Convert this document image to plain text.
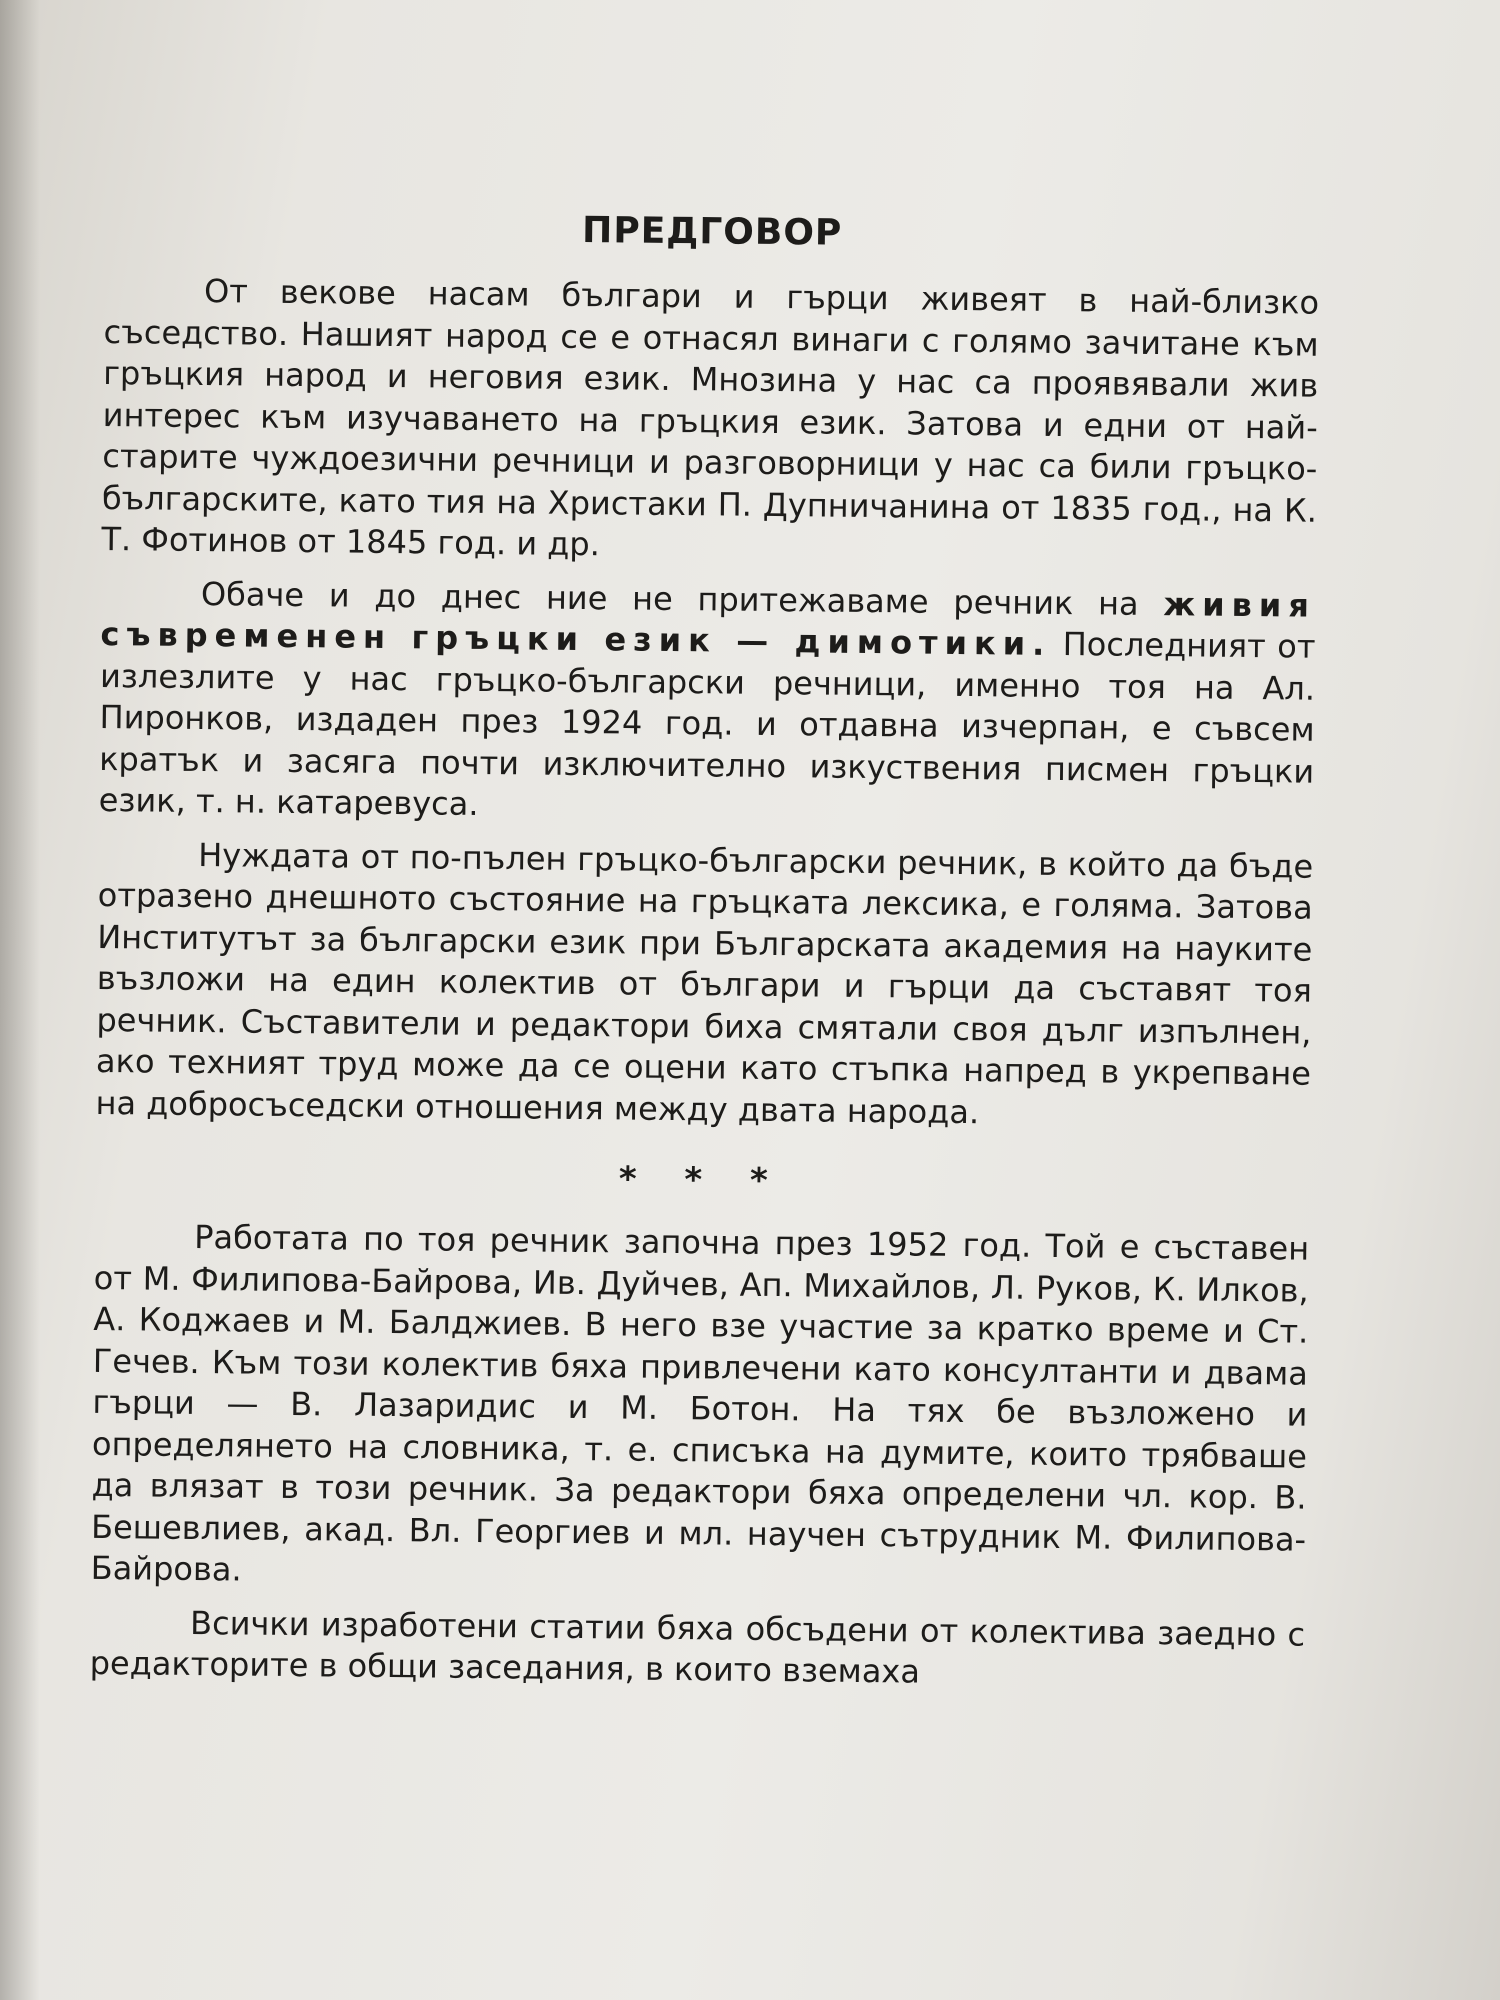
ПРЕДГОВОР

От векове насам българи и гърци живеят в най-близко съседство. Нашият народ се е отнасял винаги с голямо зачитане към гръцкия народ и неговия език. Мнозина у нас са проявявали жив интерес към изучаването на гръцкия език. Затова и едни от най-старите чуждоезични речници и разговорници у нас са били гръцко-българските, като тия на Христаки П. Дупничанина от 1835 год., на К. Т. Фотинов от 1845 год. и др.

Обаче и до днес ние не притежаваме речник на живия съвременен гръцки език — димотики. Последният от излезлите у нас гръцко-български речници, именно тоя на Ал. Пиронков, издаден през 1924 год. и отдавна изчерпан, е съвсем кратък и засяга почти изключително изкуствения писмен гръцки език, т. н. катаревуса.

Нуждата от по-пълен гръцко-български речник, в който да бъде отразено днешното състояние на гръцката лексика, е голяма. Затова Институтът за български език при Българската академия на науките възложи на един колектив от българи и гърци да съставят тоя речник. Съставители и редактори биха смятали своя дълг изпълнен, ако техният труд може да се оцени като стъпка напред в укрепване на добросъседски отношения между двата народа.

* * *

Работата по тоя речник започна през 1952 год. Той е съставен от М. Филипова-Байрова, Ив. Дуйчев, Ап. Михайлов, Л. Руков, К. Илков, А. Коджаев и М. Балджиев. В него взе участие за кратко време и Ст. Гечев. Към този колектив бяха привлечени като консултанти и двама гърци — В. Лазаридис и М. Ботон. На тях бе възложено и определянето на словника, т. е. списъка на думите, които трябваше да влязат в този речник. За редактори бяха определени чл. кор. В. Бешевлиев, акад. Вл. Георгиев и мл. научен сътрудник М. Филипова-Байрова.

Всички изработени статии бяха обсъдени от колектива заедно с редакторите в общи заседания, в които вземаха
